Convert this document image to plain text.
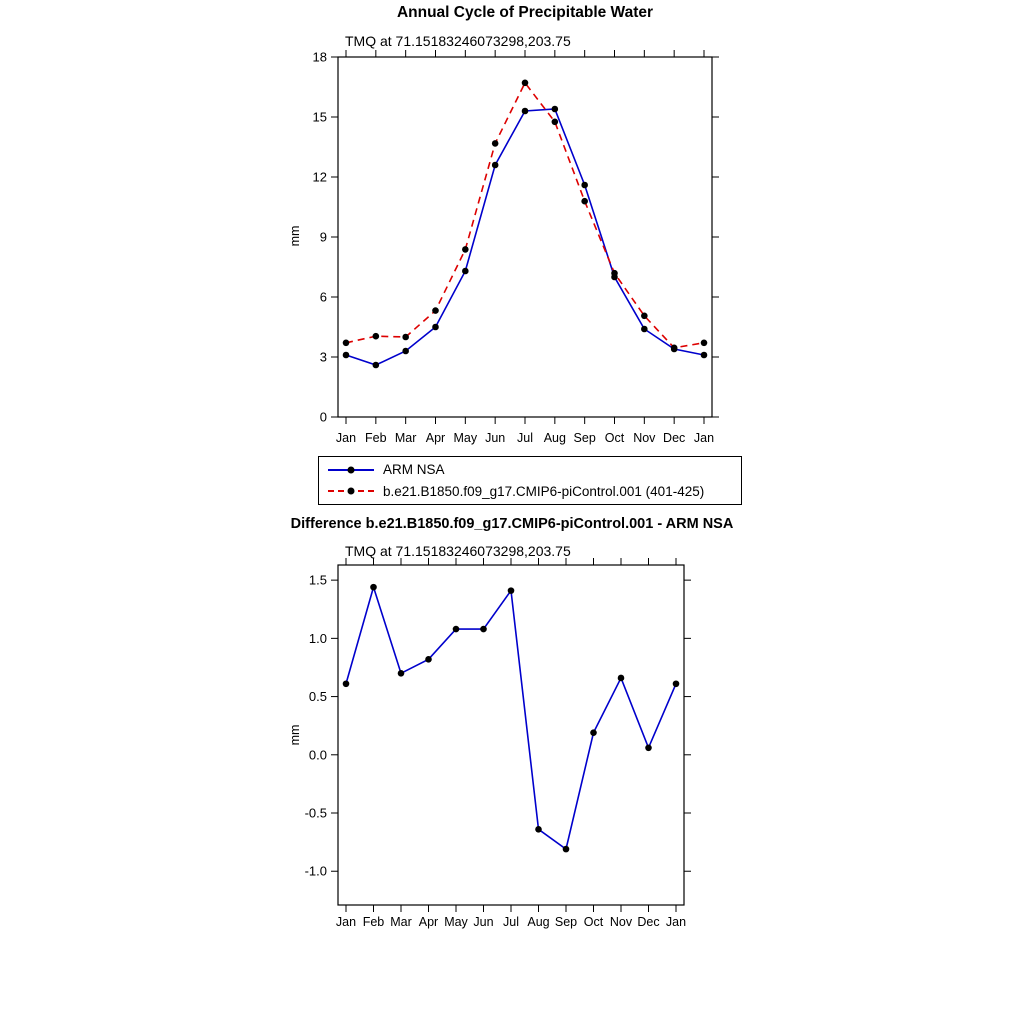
Jan Feb Mar Apr May Jun Jul Aug Sep Oct Nov Dec Jan
0
3
6
9
12
15
18
Jan Feb Mar Apr May Jun Jul Aug Sep Oct Nov Dec Jan
-1.0
-0.5
0.0
0.5
1.0
1.5
Annual Cycle of Precipitable Water
TMQ at 71.15183246073298,203.75
mm
ARM NSA
b.e21.B1850.f09_g17.CMIP6-piControl.001 (401-425)
Difference b.e21.B1850.f09_g17.CMIP6-piControl.001 - ARM NSA
TMQ at 71.15183246073298,203.75
mm
